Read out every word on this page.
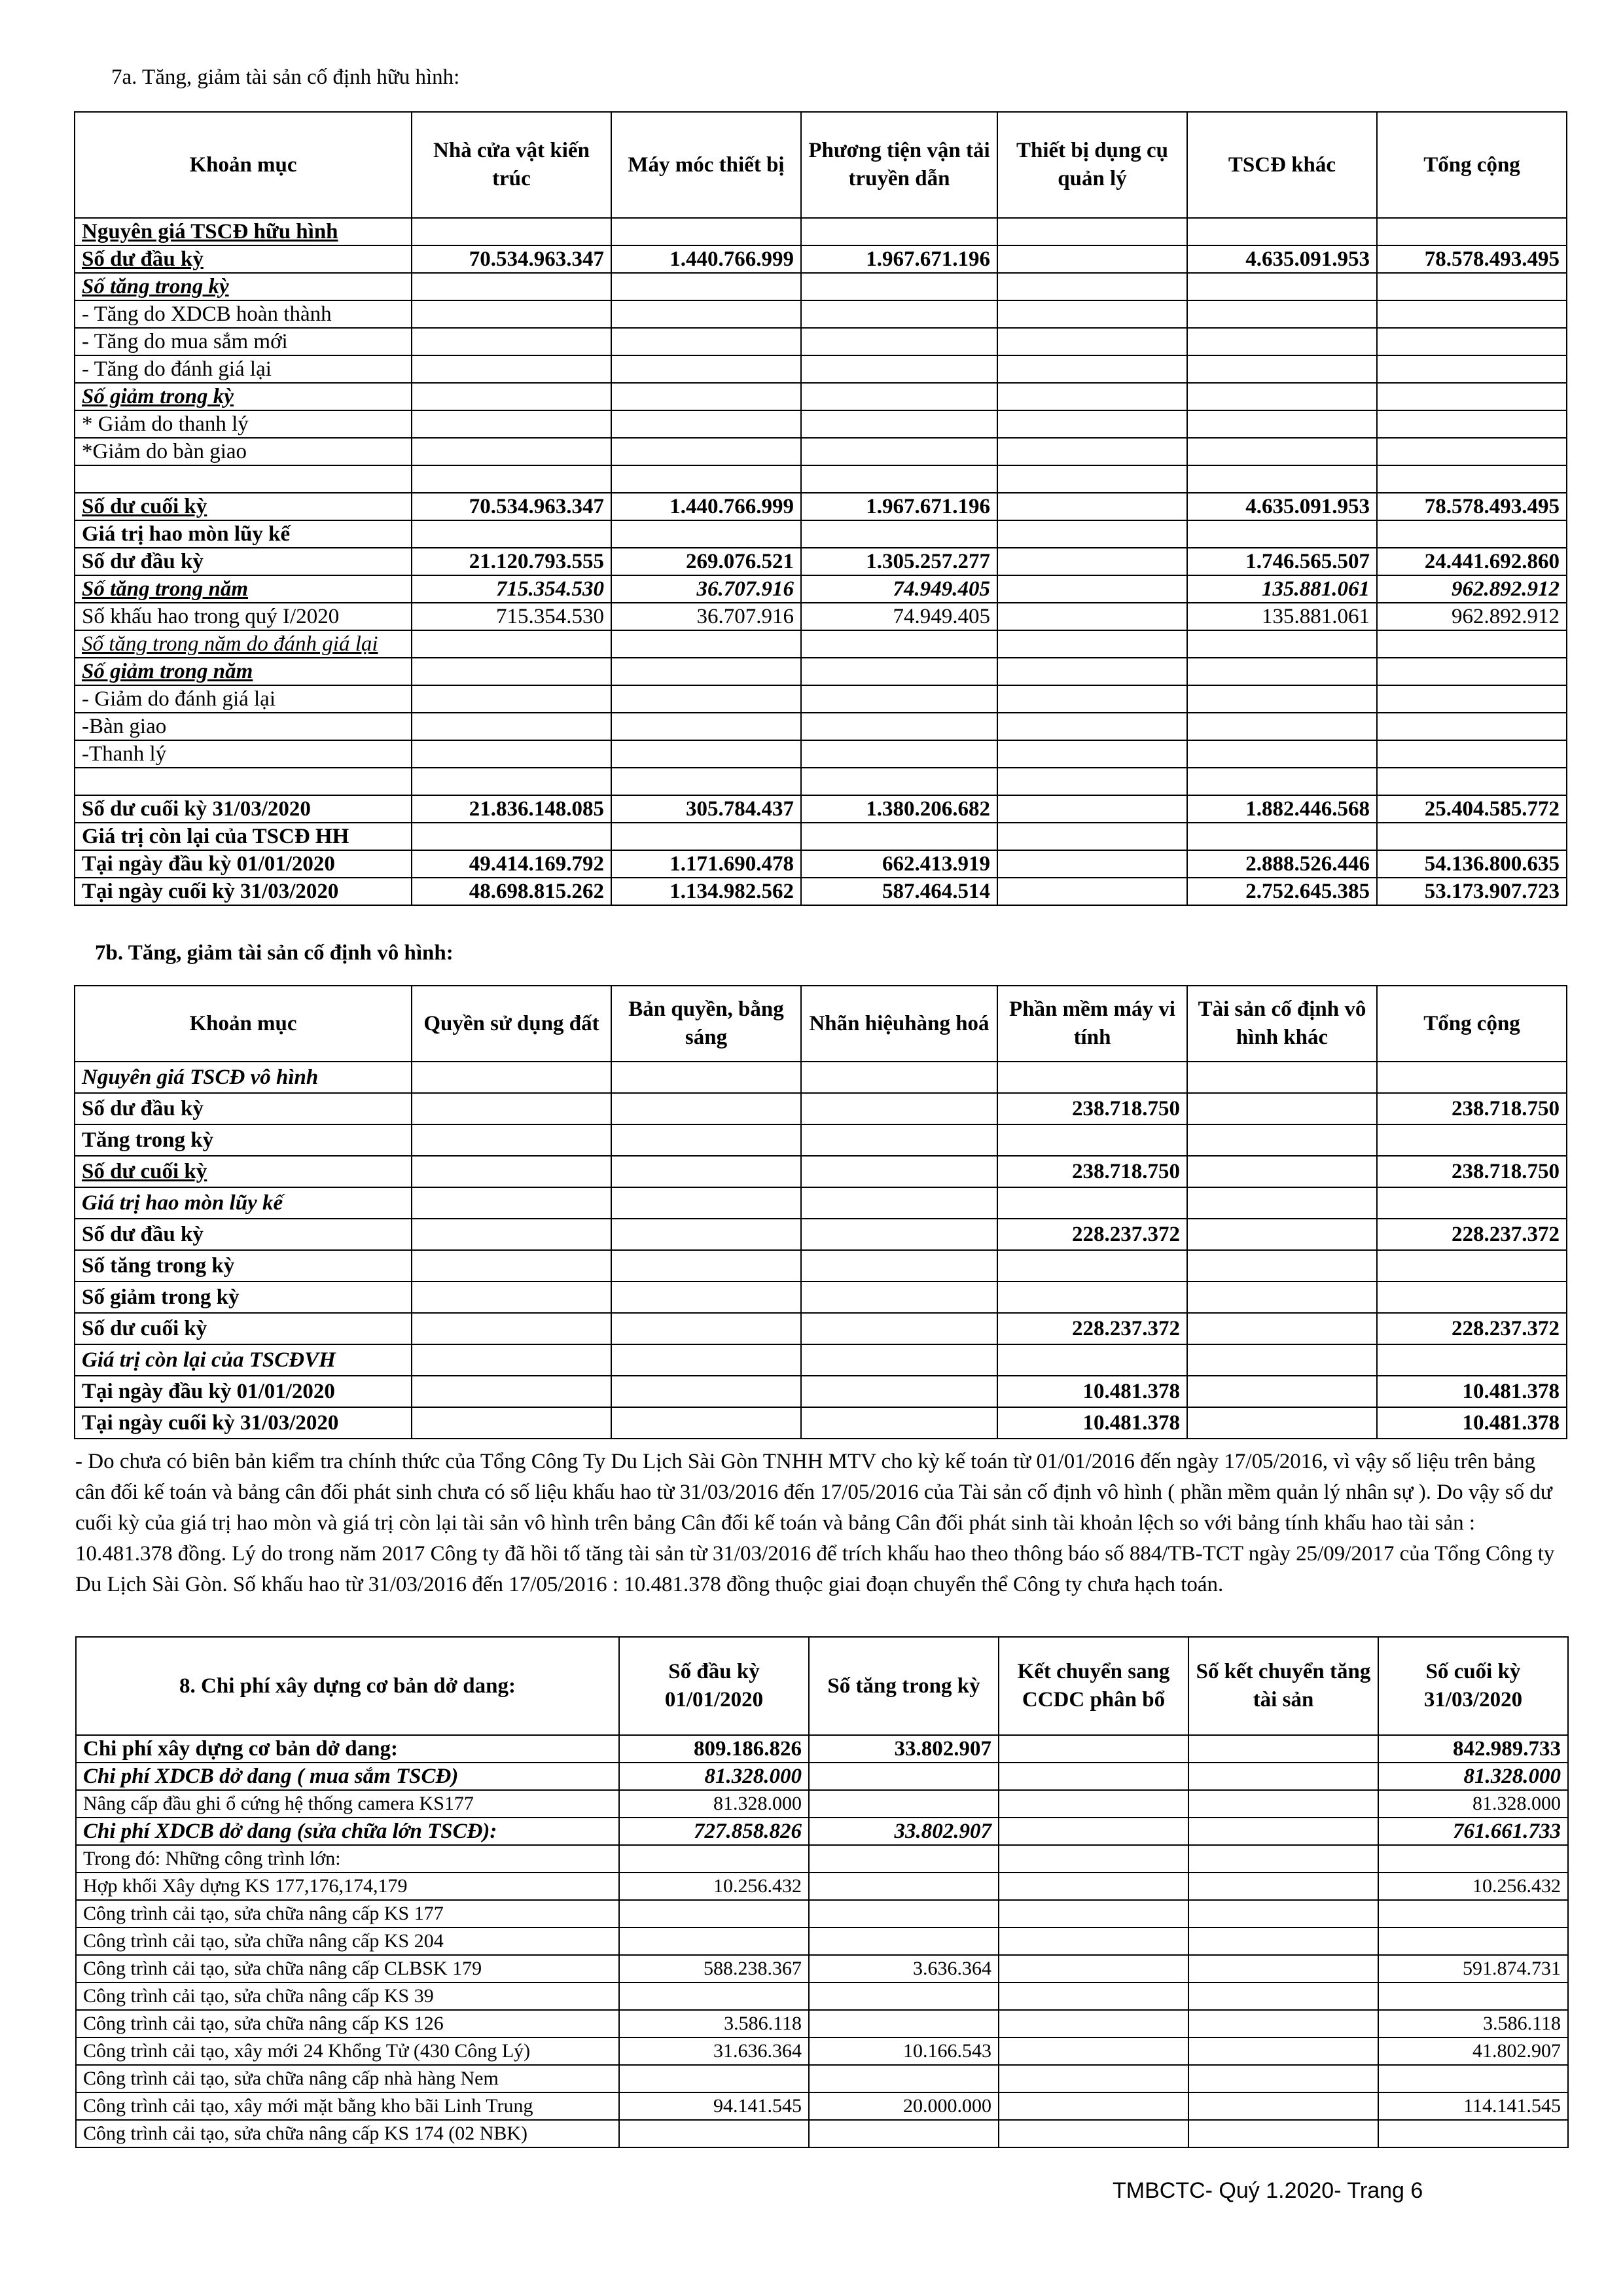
7a. Tăng, giảm tài sản cố định hữu hình:
Khoản mục	Nhà cửa vật kiến trúc	Máy móc thiết bị	Phương tiện vận tải truyền dẫn	Thiết bị dụng cụ quản lý	TSCĐ khác	Tổng cộng
Nguyên giá TSCĐ hữu hình						
Số dư đầu kỳ	70.534.963.347	1.440.766.999	1.967.671.196		4.635.091.953	78.578.493.495
Số tăng trong kỳ						
- Tăng do XDCB hoàn thành						
- Tăng do mua sắm mới						
- Tăng do đánh giá lại						
Số giảm trong kỳ						
* Giảm do thanh lý						
*Giảm do bàn giao						

Số dư cuối kỳ	70.534.963.347	1.440.766.999	1.967.671.196		4.635.091.953	78.578.493.495
Giá trị hao mòn lũy kế						
Số dư đầu kỳ	21.120.793.555	269.076.521	1.305.257.277		1.746.565.507	24.441.692.860
Số tăng trong năm	715.354.530	36.707.916	74.949.405		135.881.061	962.892.912
Số khấu hao trong quý I/2020	715.354.530	36.707.916	74.949.405		135.881.061	962.892.912
Số tăng trong năm do đánh giá lại						
Số giảm trong năm						
- Giảm do đánh giá lại						
-Bàn giao						
-Thanh lý						

Số dư cuối kỳ 31/03/2020	21.836.148.085	305.784.437	1.380.206.682		1.882.446.568	25.404.585.772
Giá trị còn lại của TSCĐ HH						
Tại ngày đầu kỳ 01/01/2020	49.414.169.792	1.171.690.478	662.413.919		2.888.526.446	54.136.800.635
Tại ngày cuối kỳ 31/03/2020	48.698.815.262	1.134.982.562	587.464.514		2.752.645.385	53.173.907.723
7b. Tăng, giảm tài sản cố định vô hình:
Khoản mục	Quyền sử dụng đất	Bản quyền, bằng sáng	Nhãn hiệuhàng hoá	Phần mềm máy vi tính	Tài sản cố định vô hình khác	Tổng cộng
Nguyên giá TSCĐ vô hình						
Số dư đầu kỳ				238.718.750		238.718.750
Tăng trong kỳ						
Số dư cuối kỳ				238.718.750		238.718.750
Giá trị hao mòn lũy kế						
Số dư đầu kỳ				228.237.372		228.237.372
Số tăng trong kỳ						
Số giảm trong kỳ						
Số dư cuối kỳ				228.237.372		228.237.372
Giá trị còn lại của TSCĐVH						
Tại ngày đầu kỳ 01/01/2020				10.481.378		10.481.378
Tại ngày cuối kỳ 31/03/2020				10.481.378		10.481.378
- Do chưa có biên bản kiểm tra chính thức của Tổng Công Ty Du Lịch Sài Gòn TNHH MTV cho kỳ kế toán từ 01/01/2016 đến ngày 17/05/2016, vì vậy số liệu trên bảng cân đối kế toán và bảng cân đối phát sinh chưa có số liệu khấu hao từ 31/03/2016 đến 17/05/2016 của Tài sản cố định vô hình ( phần mềm quản lý nhân sự ). Do vậy số dư cuối kỳ của giá trị hao mòn và giá trị còn lại tài sản vô hình trên bảng Cân đối kế toán và bảng Cân đối phát sinh tài khoản lệch so với bảng tính khấu hao tài sản : 10.481.378 đồng. Lý do trong năm 2017 Công ty đã hồi tố tăng tài sản từ 31/03/2016 để trích khấu hao theo thông báo số 884/TB-TCT ngày 25/09/2017 của Tổng Công ty Du Lịch Sài Gòn. Số khấu hao từ 31/03/2016 đến 17/05/2016 : 10.481.378 đồng thuộc giai đoạn chuyển thể Công ty chưa hạch toán.
8. Chi phí xây dựng cơ bản dở dang:	Số đầu kỳ 01/01/2020	Số tăng trong kỳ	Kết chuyển sang CCDC phân bổ	Số kết chuyển tăng tài sản	Số cuối kỳ 31/03/2020
Chi phí xây dựng cơ bản dở dang:	809.186.826	33.802.907			842.989.733
Chi phí XDCB dở dang ( mua sắm TSCĐ)	81.328.000				81.328.000
Nâng cấp đầu ghi ổ cứng hệ thống camera KS177	81.328.000				81.328.000
Chi phí XDCB dở dang (sửa chữa lớn TSCĐ):	727.858.826	33.802.907			761.661.733
Trong đó: Những công trình lớn:					
Hợp khối Xây dựng KS 177,176,174,179	10.256.432				10.256.432
Công trình cải tạo, sửa chữa nâng cấp KS 177					
Công trình cải tạo, sửa chữa nâng cấp KS 204					
Công trình cải tạo, sửa chữa nâng cấp CLBSK 179	588.238.367	3.636.364			591.874.731
Công trình cải tạo, sửa chữa nâng cấp KS 39					
Công trình cải tạo, sửa chữa nâng cấp KS 126	3.586.118				3.586.118
Công trình cải tạo, xây mới 24 Khổng Tử (430 Công Lý)	31.636.364	10.166.543			41.802.907
Công trình cải tạo, sửa chữa nâng cấp nhà hàng Nem					
Công trình cải tạo, xây mới mặt bằng kho bãi Linh Trung	94.141.545	20.000.000			114.141.545
Công trình cải tạo, sửa chữa nâng cấp KS 174 (02 NBK)					
TMBCTC- Quý 1.2020- Trang 6
